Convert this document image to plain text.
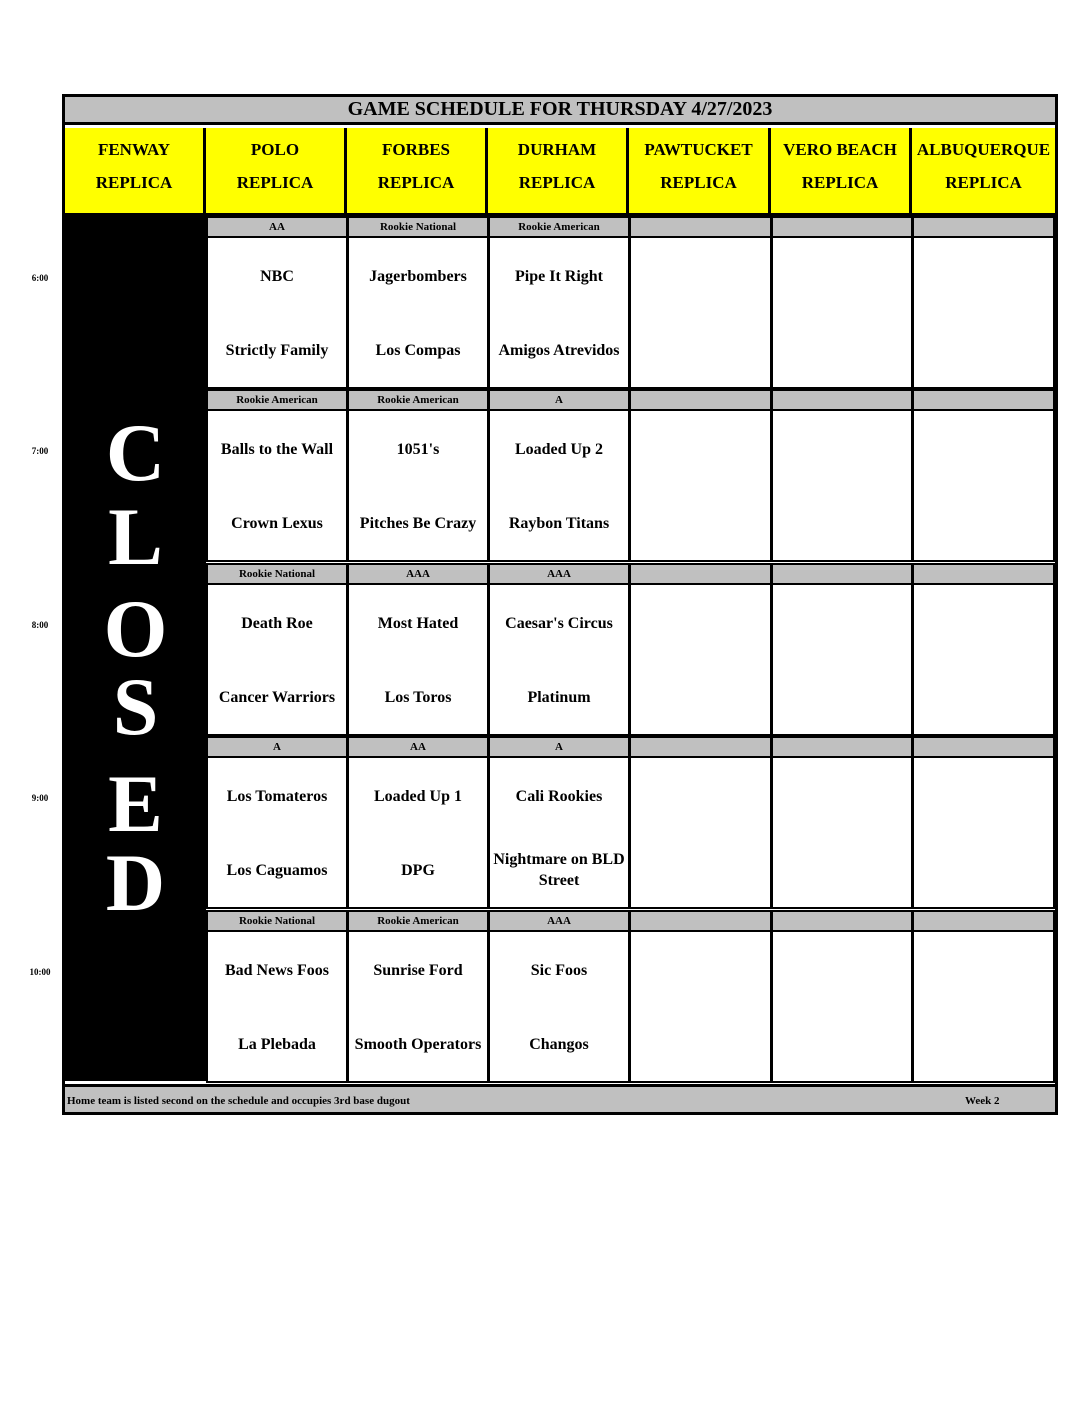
GAME SCHEDULE FOR THURSDAY 4/27/2023
FENWAY
REPLICA
POLO
REPLICA
FORBES
REPLICA
DURHAM
REPLICA
PAWTUCKET
REPLICA
VERO BEACH
REPLICA
ALBUQUERQUE
REPLICA
C
L
O
S
E
D
6:00
AA
NBC
Strictly Family
Rookie National
Jagerbombers
Los Compas
Rookie American
Pipe It Right
Amigos Atrevidos
7:00
Rookie American
Balls to the Wall
Crown Lexus
Rookie American
1051's
Pitches Be Crazy
A
Loaded Up 2
Raybon Titans
8:00
Rookie National
Death Roe
Cancer Warriors
AAA
Most Hated
Los Toros
AAA
Caesar's Circus
Platinum
9:00
A
Los Tomateros
Los Caguamos
AA
Loaded Up 1
DPG
A
Cali Rookies
Nightmare on BLD Street
10:00
Rookie National
Bad News Foos
La Plebada
Rookie American
Sunrise Ford
Smooth Operators
AAA
Sic Foos
Changos
Home team is listed second on the schedule and occupies 3rd base dugout	Week 2
